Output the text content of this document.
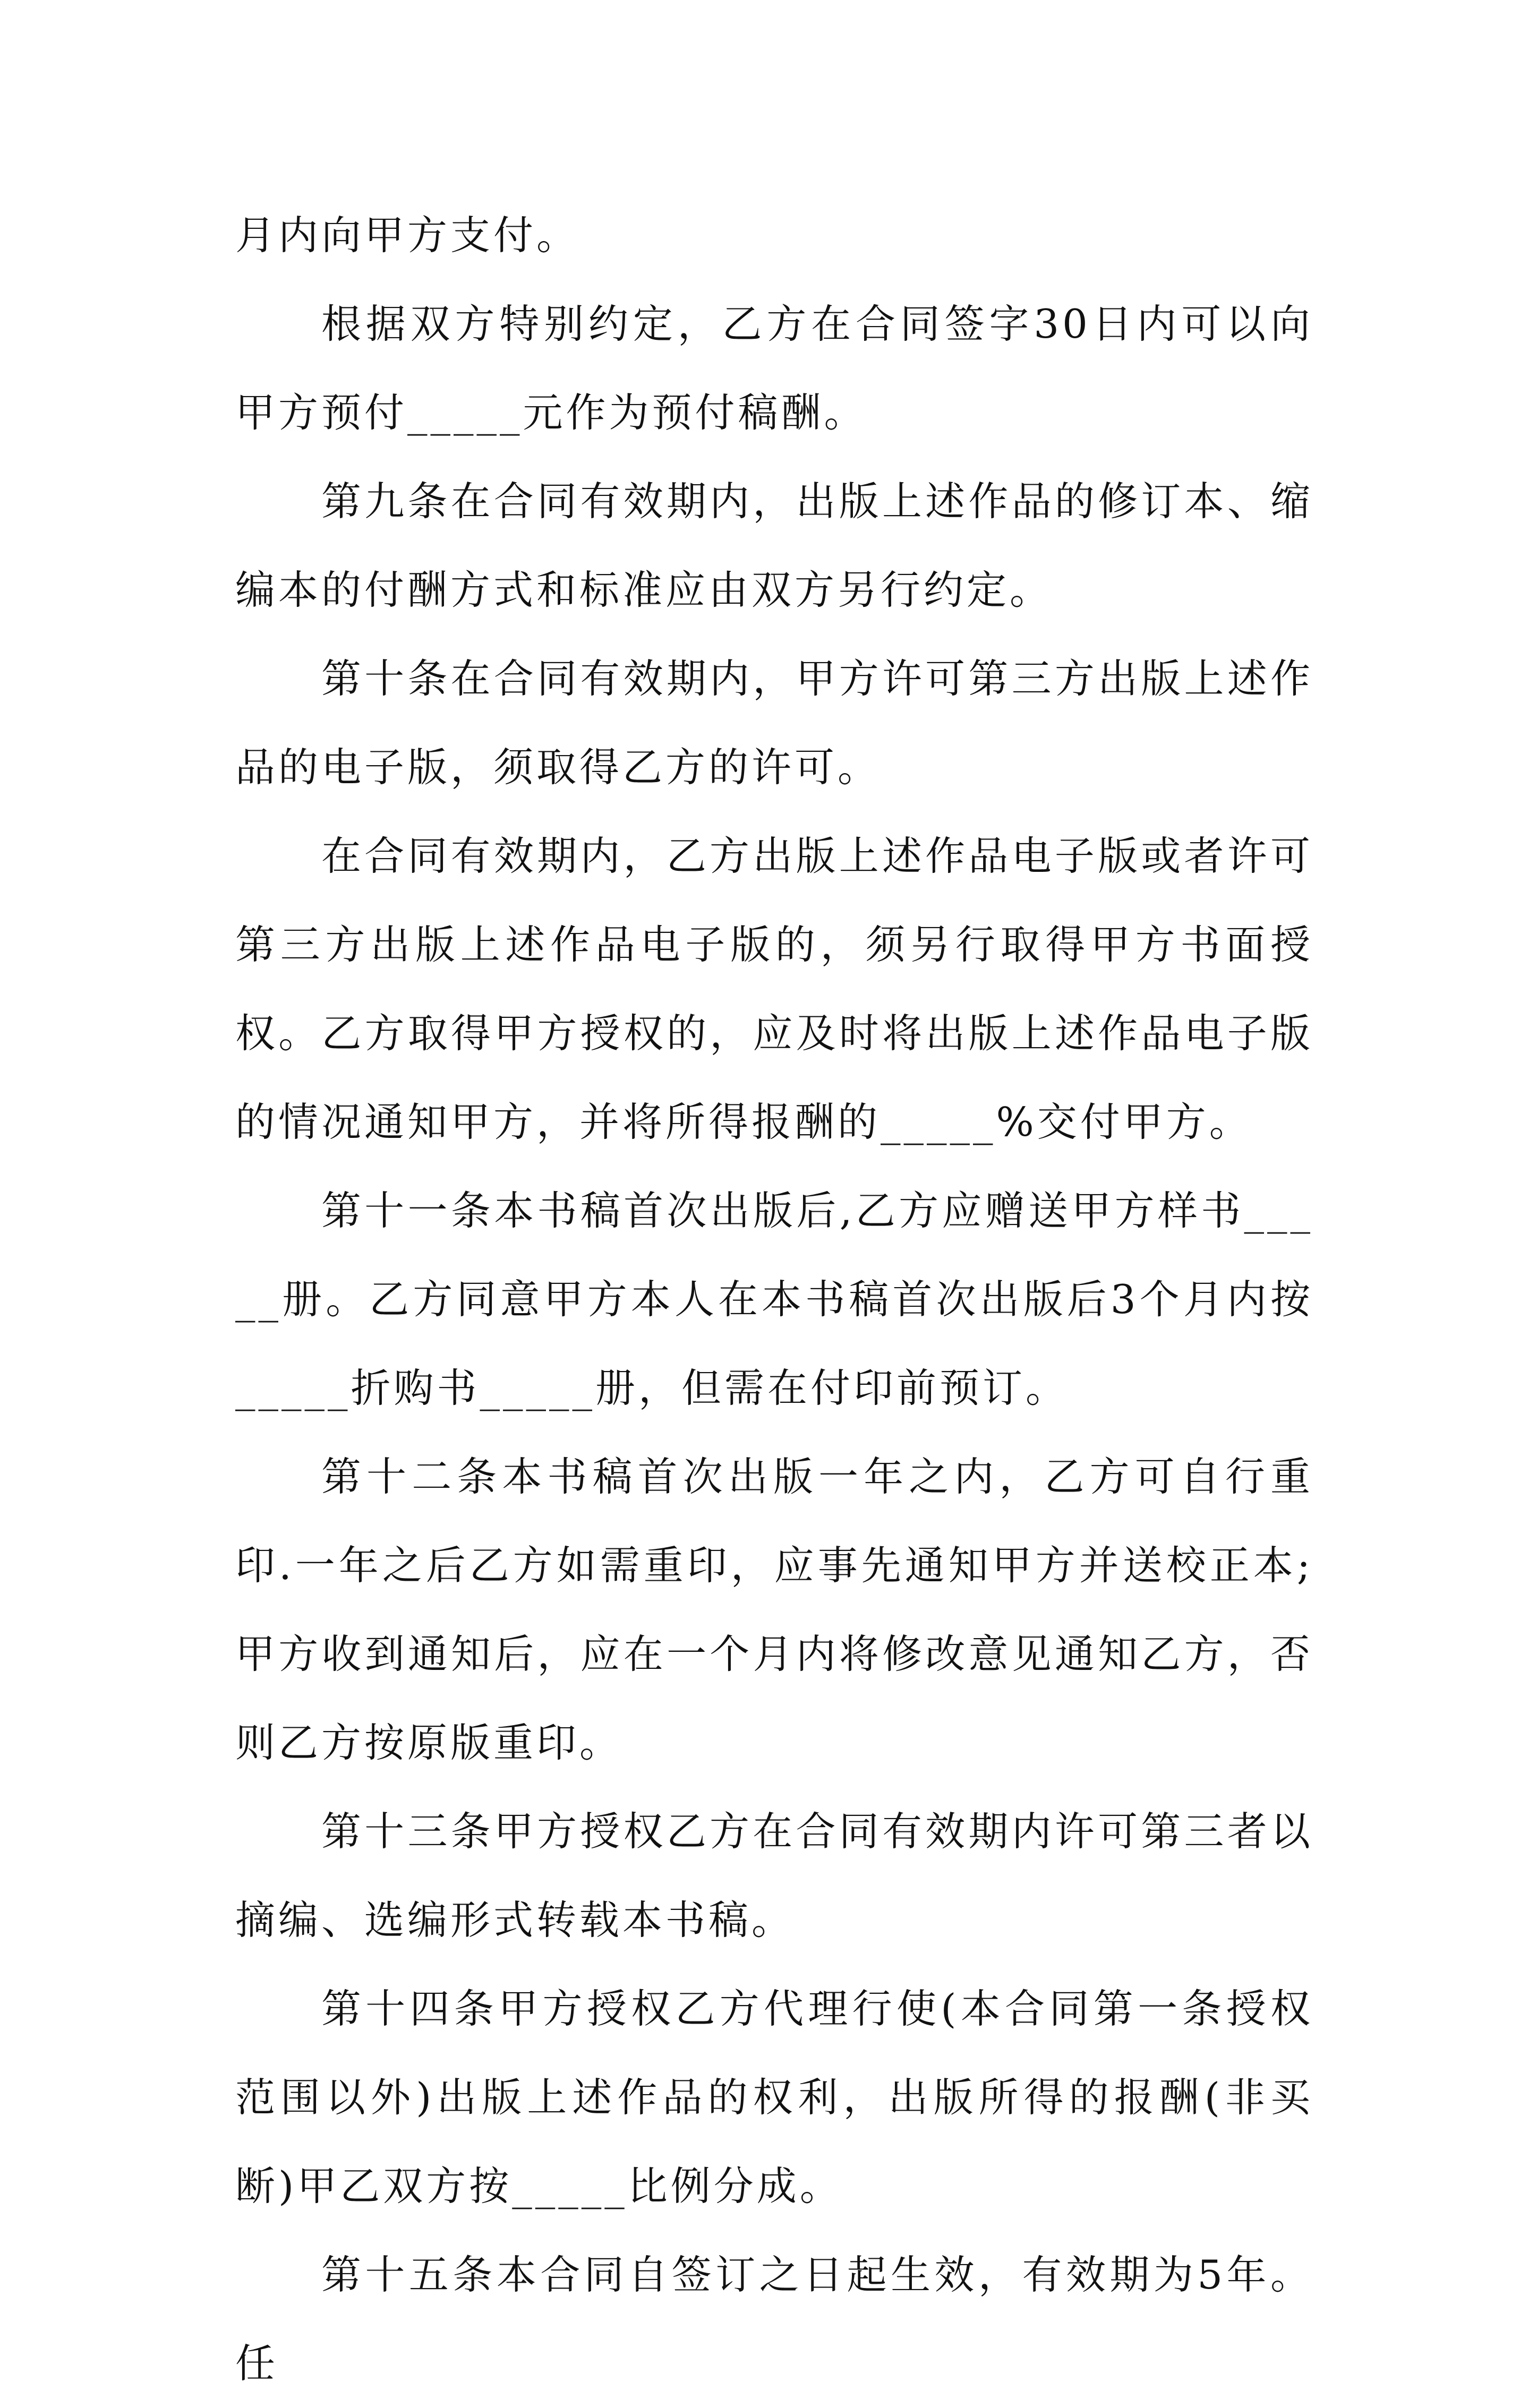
月内向甲方支付。

根据双方特别约定，乙方在合同签字30日内可以向甲方预付_____元作为预付稿酬。

第九条在合同有效期内，出版上述作品的修订本、缩编本的付酬方式和标准应由双方另行约定。

第十条在合同有效期内，甲方许可第三方出版上述作品的电子版，须取得乙方的许可。

在合同有效期内，乙方出版上述作品电子版或者许可第三方出版上述作品电子版的，须另行取得甲方书面授权。乙方取得甲方授权的，应及时将出版上述作品电子版的情况通知甲方，并将所得报酬的_____%交付甲方。

第十一条本书稿首次出版后,乙方应赠送甲方样书_____册。乙方同意甲方本人在本书稿首次出版后3个月内按_____折购书_____册，但需在付印前预订。

第十二条本书稿首次出版一年之内，乙方可自行重印.一年之后乙方如需重印，应事先通知甲方并送校正本;甲方收到通知后，应在一个月内将修改意见通知乙方，否则乙方按原版重印。

第十三条甲方授权乙方在合同有效期内许可第三者以摘编、选编形式转载本书稿。

第十四条甲方授权乙方代理行使(本合同第一条授权范围以外)出版上述作品的权利，出版所得的报酬(非买断)甲乙双方按_____比例分成。

第十五条本合同自签订之日起生效，有效期为5年。任
